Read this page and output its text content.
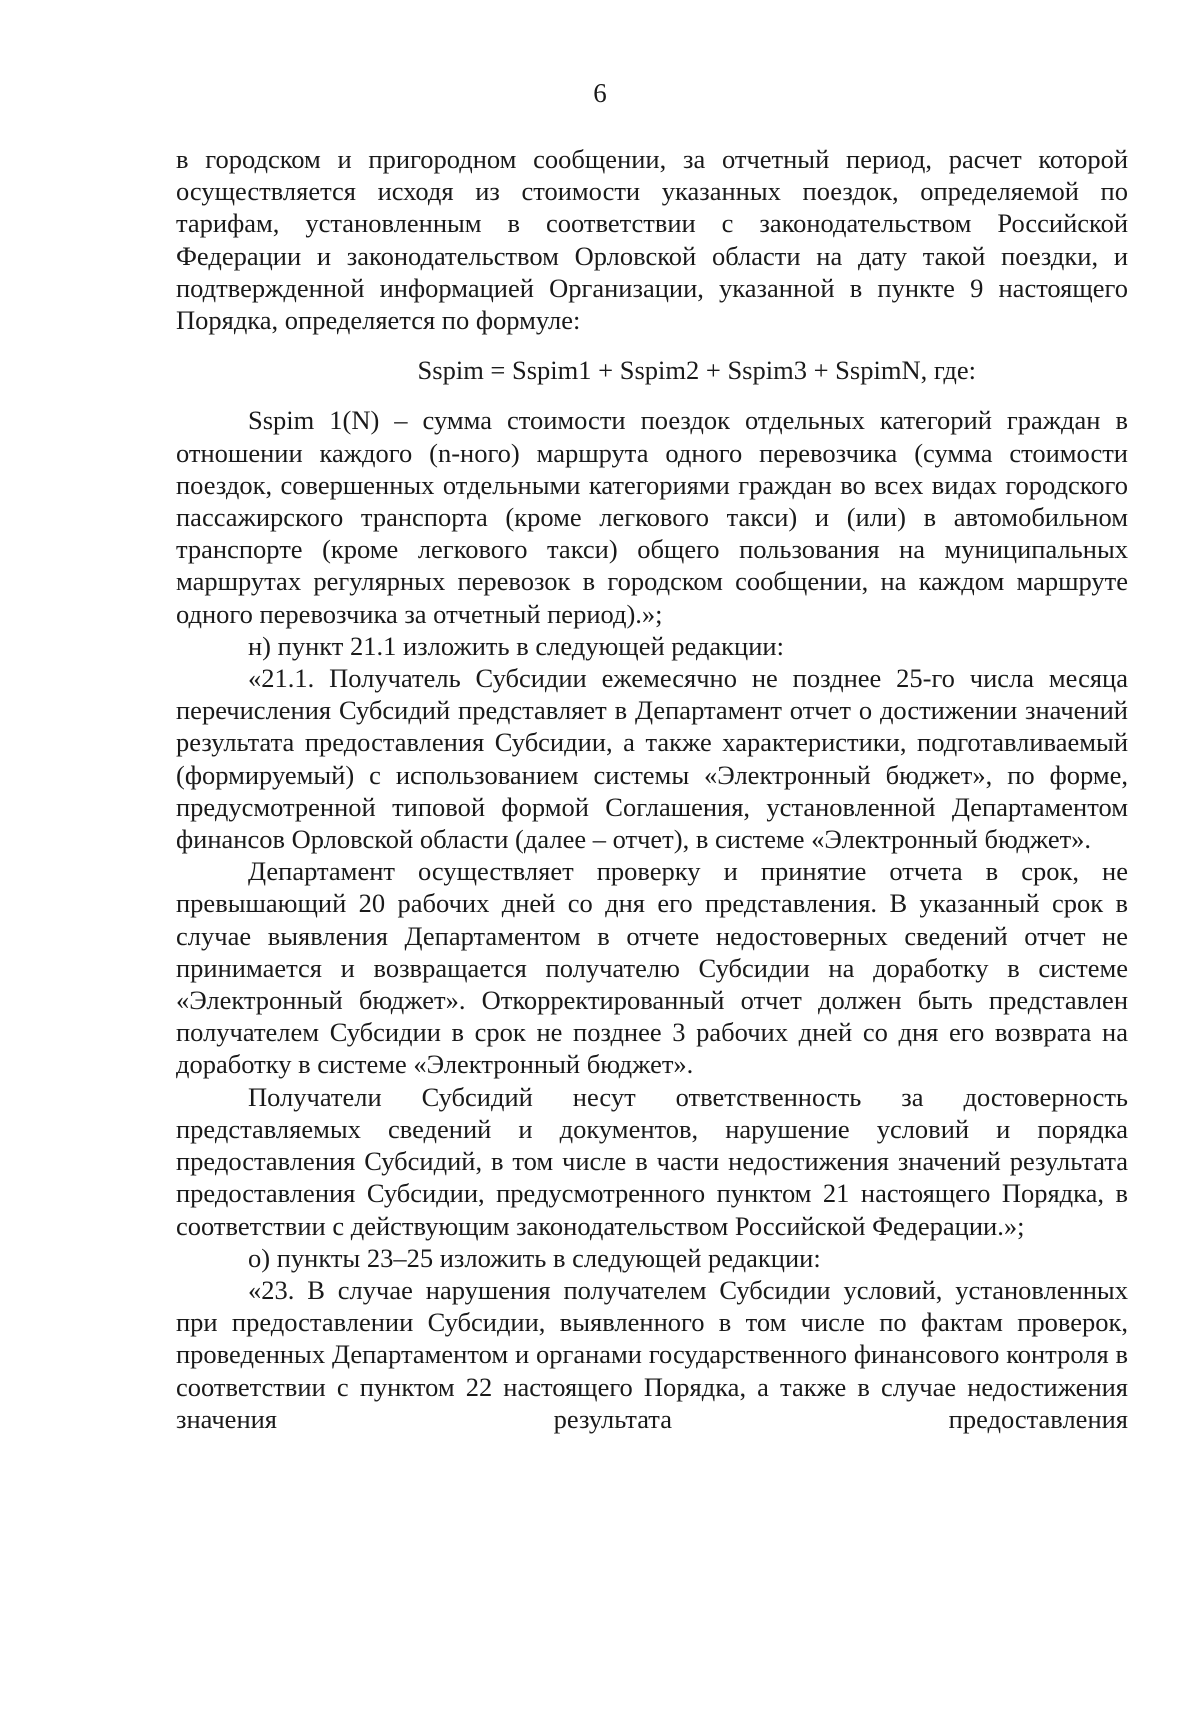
6

в городском и пригородном сообщении, за отчетный период, расчет которой осуществляется исходя из стоимости указанных поездок, определяемой по тарифам, установленным в соответствии с законодательством Российской Федерации и законодательством Орловской области на дату такой поездки, и подтвержденной информацией Организации, указанной в пункте 9 настоящего Порядка, определяется по формуле:

Sspim = Sspim1 + Sspim2 + Sspim3 + SspimN, где:

Sspim 1(N) – сумма стоимости поездок отдельных категорий граждан в отношении каждого (n-ного) маршрута одного перевозчика (сумма стоимости поездок, совершенных отдельными категориями граждан во всех видах городского пассажирского транспорта (кроме легкового такси) и (или) в автомобильном транспорте (кроме легкового такси) общего пользования на муниципальных маршрутах регулярных перевозок в городском сообщении, на каждом маршруте одного перевозчика за отчетный период).»;

н) пункт 21.1 изложить в следующей редакции:

«21.1. Получатель Субсидии ежемесячно не позднее 25-го числа месяца перечисления Субсидий представляет в Департамент отчет о достижении значений результата предоставления Субсидии, а также характеристики, подготавливаемый (формируемый) с использованием системы «Электронный бюджет», по форме, предусмотренной типовой формой Соглашения, установленной Департаментом финансов Орловской области (далее – отчет), в системе «Электронный бюджет».

Департамент осуществляет проверку и принятие отчета в срок, не превышающий 20 рабочих дней со дня его представления. В указанный срок в случае выявления Департаментом в отчете недостоверных сведений отчет не принимается и возвращается получателю Субсидии на доработку в системе «Электронный бюджет». Откорректированный отчет должен быть представлен получателем Субсидии в срок не позднее 3 рабочих дней со дня его возврата на доработку в системе «Электронный бюджет».

Получатели Субсидий несут ответственность за достоверность представляемых сведений и документов, нарушение условий и порядка предоставления Субсидий, в том числе в части недостижения значений результата предоставления Субсидии, предусмотренного пунктом 21 настоящего Порядка, в соответствии с действующим законодательством Российской Федерации.»;

о) пункты 23–25 изложить в следующей редакции:

«23. В случае нарушения получателем Субсидии условий, установленных при предоставлении Субсидии, выявленного в том числе по фактам проверок, проведенных Департаментом и органами государственного финансового контроля в соответствии с пунктом 22 настоящего Порядка, а также в случае недостижения значения результата предоставления
